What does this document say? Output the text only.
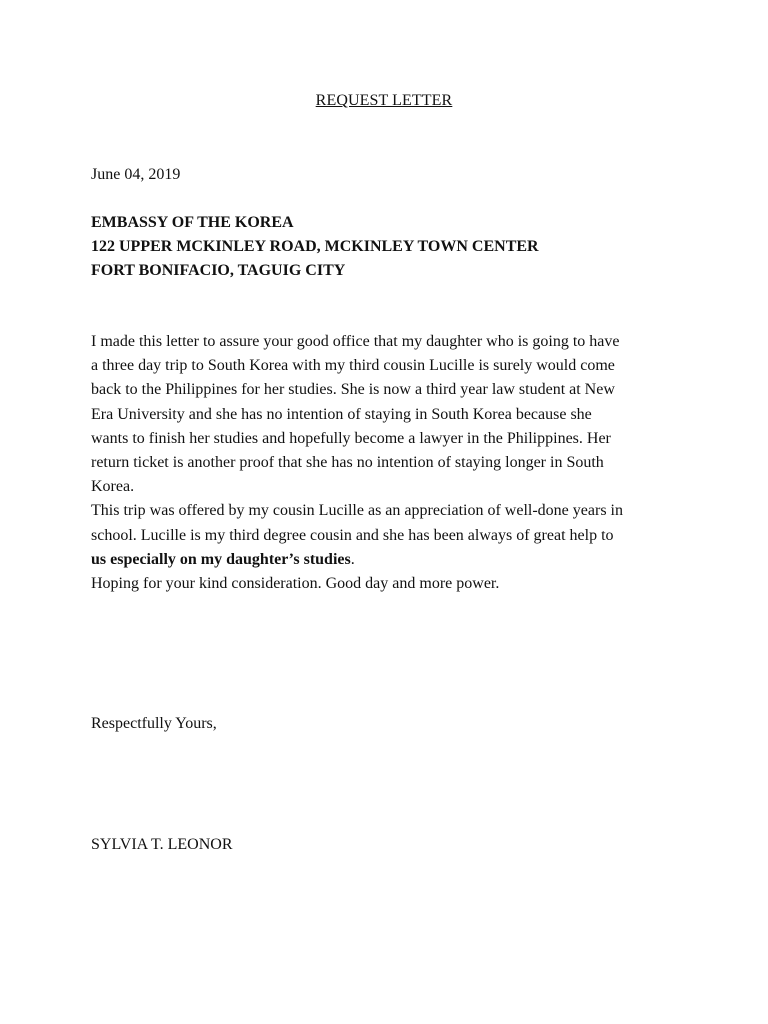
REQUEST LETTER
June 04, 2019
EMBASSY OF THE KOREA
122 UPPER MCKINLEY ROAD, MCKINLEY TOWN CENTER
FORT BONIFACIO, TAGUIG CITY
I made this letter to assure your good office that my daughter who is going to have
a three day trip to South Korea with my third cousin Lucille is surely would come
back to the Philippines for her studies. She is now a third year law student at New
Era University and she has no intention of staying in South Korea because she
wants to finish her studies and hopefully become a lawyer in the Philippines. Her
return ticket is another proof that she has no intention of staying longer in South
Korea.
This trip was offered by my cousin Lucille as an appreciation of well-done years in
school. Lucille is my third degree cousin and she has been always of great help to
us especially on my daughter’s studies.
Hoping for your kind consideration. Good day and more power.
Respectfully Yours,
SYLVIA T. LEONOR
